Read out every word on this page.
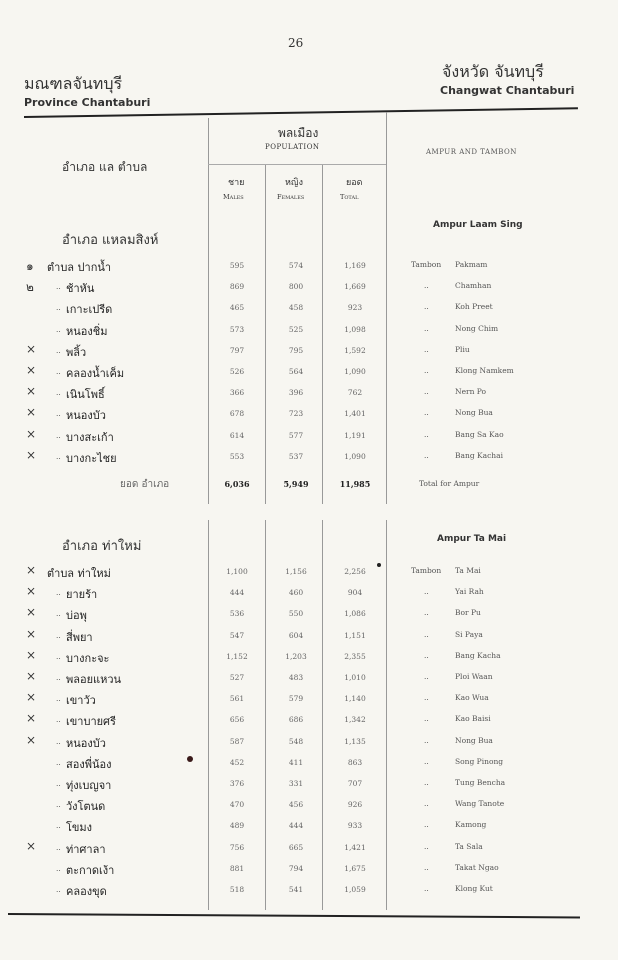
26
มณฑลจันทบุรี
Province Chantaburi
จังหวัด จันทบุรี
Changwat Chantaburi
อำเภอ แล ตำบล
พลเมือง
POPULATION
AMPUR AND TAMBON
ชาย
Males
หญิง
Females
ยอด
Total
อำเภอ แหลมสิงห์
Ampur Laam Sing
๑ ตำบล ปากน้ำ	595	574	1,169	Tambon Pakmam
๒	.. ช้าหัน	869	800	1,669	..	Chamhan
.. เกาะเปรีด	465	458	923	..	Koh Preet
.. หนองชิ่ม	573	525	1,098	..	Nong Chim
×	.. พลิ้ว	797	795	1,592	..	Pliu
×	.. คลองน้ำเค็ม	526	564	1,090	..	Klong Namkem
×	.. เนินโพธิ์	366	396	762	..	Nern Po
×	.. หนองบัว	678	723	1,401	..	Nong Bua
×	.. บางสะเก้า	614	577	1,191	..	Bang Sa Kao
×	.. บางกะไชย	553	537	1,090	..	Bang Kachai
ยอด อำเภอ	6,036	5,949	11,985	Total for Ampur
อำเภอ ท่าใหม่	Ampur Ta Mai
× ตำบล ท่าใหม่	1,100	1,156	2,256	Tambon Ta Mai
×	.. ยายร้า	444	460	904	..	Yai Rah
×	.. บ่อพุ	536	550	1,086	..	Bor Pu
×	.. สี่พยา	547	604	1,151	..	Si Paya
×	.. บางกะจะ	1,152	1,203	2,355	..	Bang Kacha
×	.. พลอยแหวน	527	483	1,010	..	Ploi Waan
×	.. เขาวัว	561	579	1,140	..	Kao Wua
×	.. เขาบายศรี	656	686	1,342	..	Kao Baisi
×	.. หนองบัว	587	548	1,135	..	Nong Bua
.. สองพี่น้อง	452	411	863	..	Song Pinong
.. ทุ่งเบญจา	376	331	707	..	Tung Bencha
.. วังโตนด	470	456	926	..	Wang Tanote
.. โขมง	489	444	933	..	Kamong
×	.. ท่าศาลา	756	665	1,421	..	Ta Sala
.. ตะกาดเง้า	881	794	1,675	..	Takat Ngao
.. คลองขุด	518	541	1,059	..	Klong Kut
